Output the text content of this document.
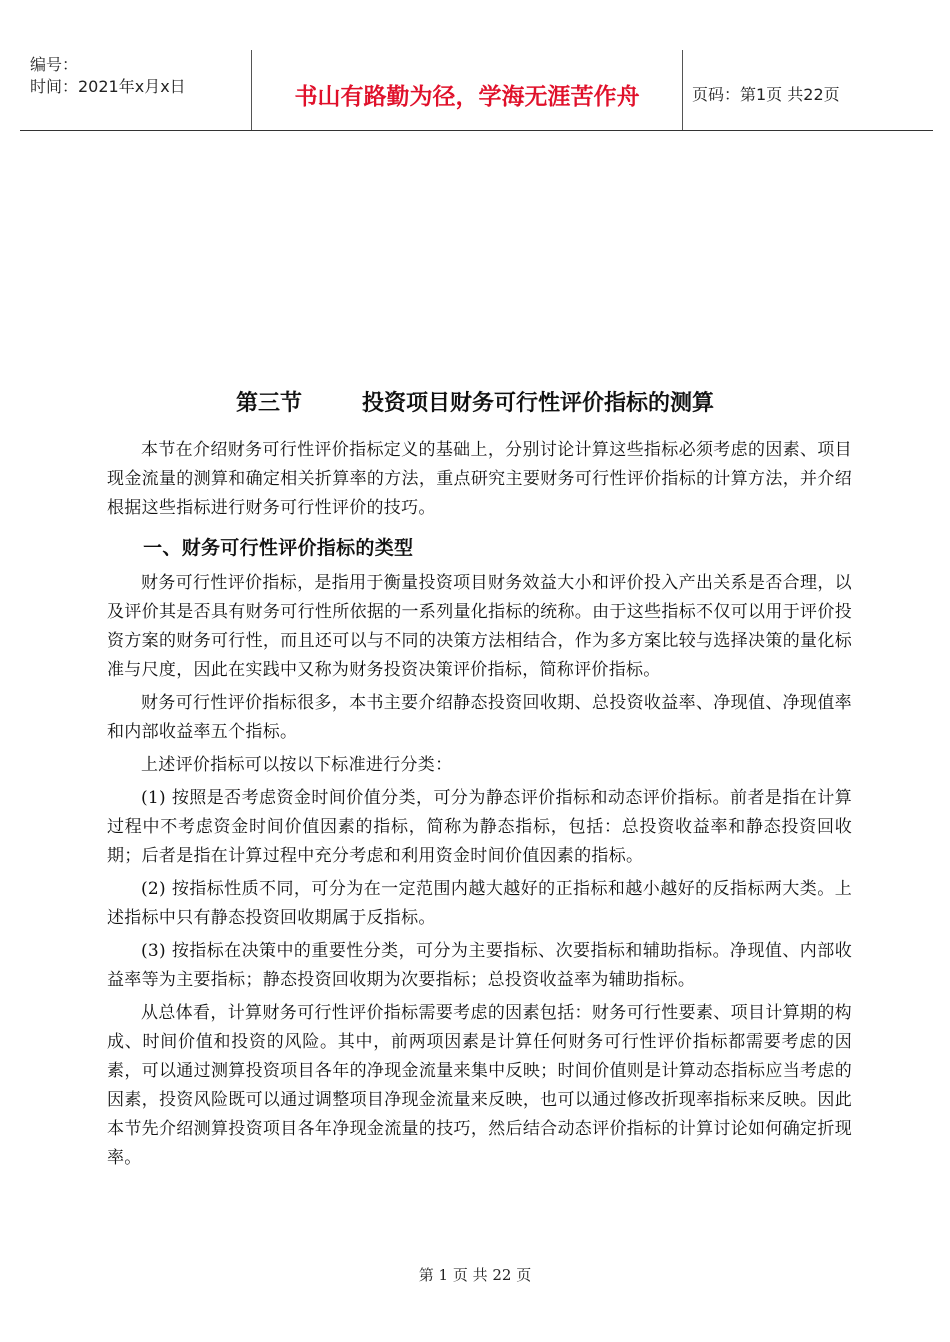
编号：
时间：2021年x月x日	书山有路勤为径，学海无涯苦作舟	页码：第1页 共22页
第三节	投资项目财务可行性评价指标的测算

本节在介绍财务可行性评价指标定义的基础上，分别讨论计算这些指标必须考虑的因素、项目现金流量的测算和确定相关折算率的方法，重点研究主要财务可行性评价指标的计算方法，并介绍根据这些指标进行财务可行性评价的技巧。

一、财务可行性评价指标的类型

财务可行性评价指标，是指用于衡量投资项目财务效益大小和评价投入产出关系是否合理，以及评价其是否具有财务可行性所依据的一系列量化指标的统称。由于这些指标不仅可以用于评价投资方案的财务可行性，而且还可以与不同的决策方法相结合，作为多方案比较与选择决策的量化标准与尺度，因此在实践中又称为财务投资决策评价指标，简称评价指标。

财务可行性评价指标很多，本书主要介绍静态投资回收期、总投资收益率、净现值、净现值率和内部收益率五个指标。

上述评价指标可以按以下标准进行分类：

(1) 按照是否考虑资金时间价值分类，可分为静态评价指标和动态评价指标。前者是指在计算过程中不考虑资金时间价值因素的指标，简称为静态指标，包括：总投资收益率和静态投资回收期；后者是指在计算过程中充分考虑和利用资金时间价值因素的指标。

(2) 按指标性质不同，可分为在一定范围内越大越好的正指标和越小越好的反指标两大类。上述指标中只有静态投资回收期属于反指标。

(3) 按指标在决策中的重要性分类，可分为主要指标、次要指标和辅助指标。净现值、内部收益率等为主要指标；静态投资回收期为次要指标；总投资收益率为辅助指标。

从总体看，计算财务可行性评价指标需要考虑的因素包括：财务可行性要素、项目计算期的构成、时间价值和投资的风险。其中，前两项因素是计算任何财务可行性评价指标都需要考虑的因素，可以通过测算投资项目各年的净现金流量来集中反映；时间价值则是计算动态指标应当考虑的因素，投资风险既可以通过调整项目净现金流量来反映，也可以通过修改折现率指标来反映。因此本节先介绍测算投资项目各年净现金流量的技巧，然后结合动态评价指标的计算讨论如何确定折现率。

第 1 页 共 22 页
